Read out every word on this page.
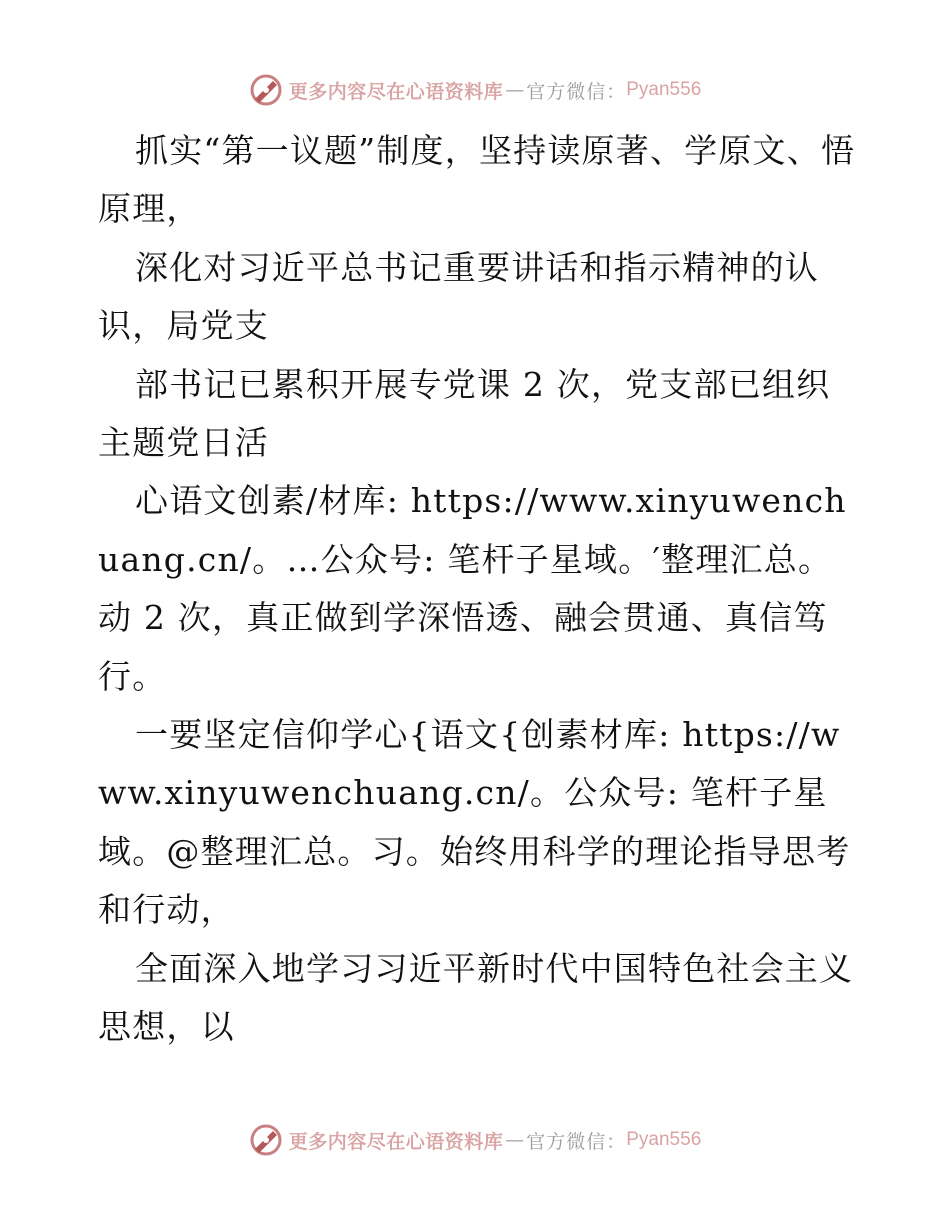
更多内容尽在心语资料库 — 官方微信： Pyan556

抓实“第一议题”制度，坚持读原著、学原文、悟原理，

深化对习近平总书记重要讲话和指示精神的认识，局党支

部书记已累积开展专党课 2 次，党支部已组织主题党日活

心语文创素/材库: https://www.xinyuwenchuang.cn/。…公众号: 笔杆子星域。′整理汇总。动 2 次，真正做到学深悟透、融会贯通、真信笃行。

一要坚定信仰学心{语文{创素材库: https://www.xinyuwenchuang.cn/。公众号: 笔杆子星域。@整理汇总。习。始终用科学的理论指导思考和行动，

全面深入地学习习近平新时代中国特色社会主义思想，以

更多内容尽在心语资料库 — 官方微信： Pyan556
